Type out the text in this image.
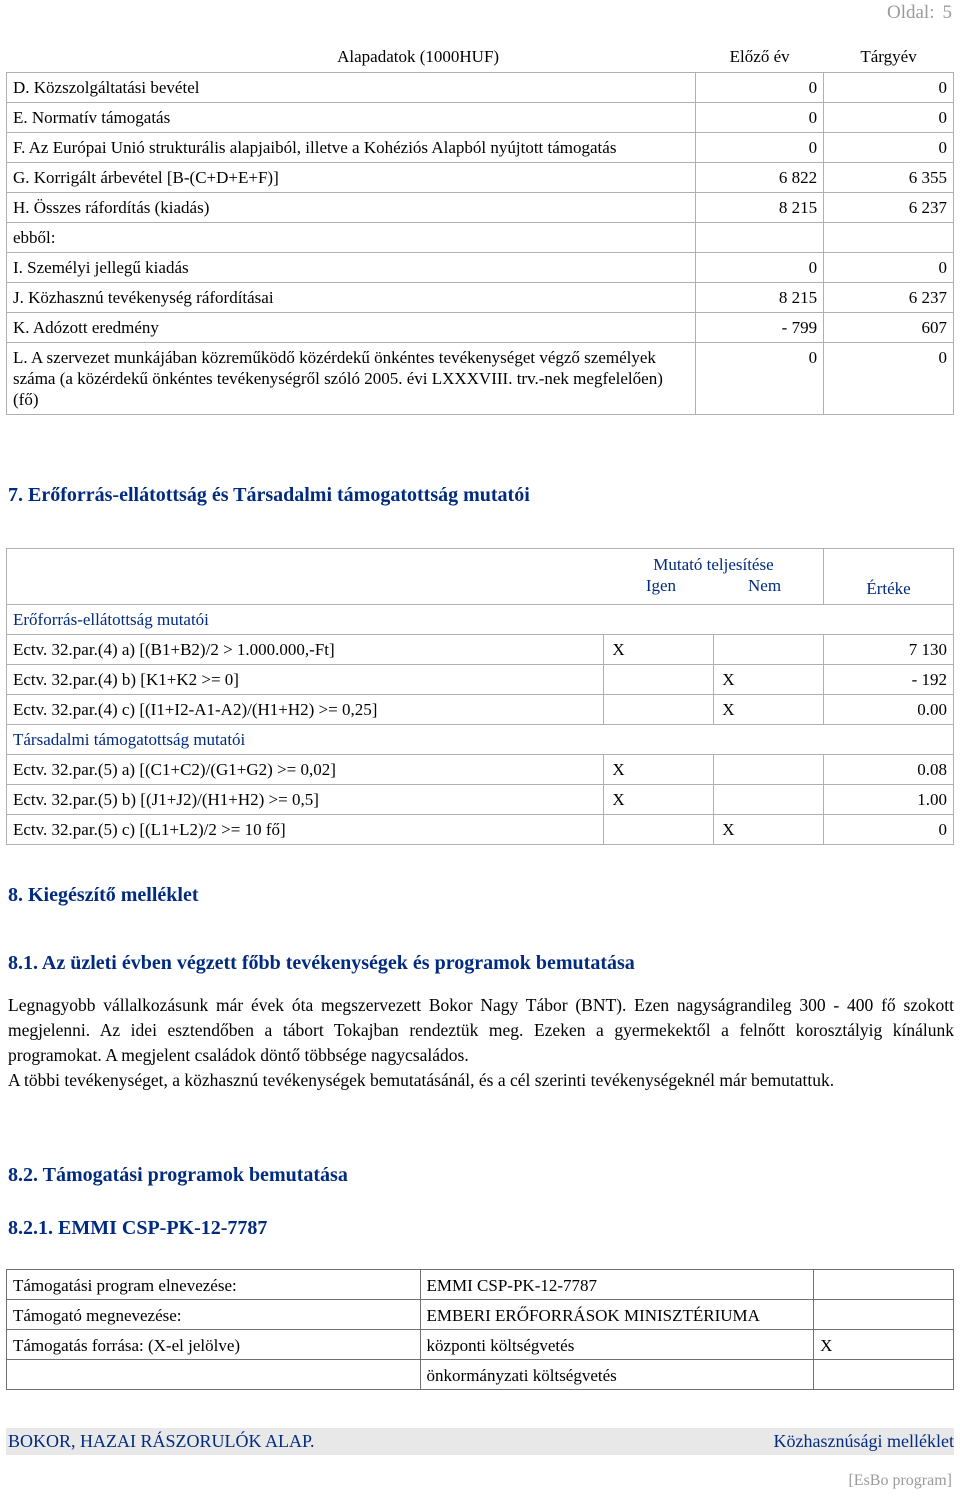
Oldal: 5
Alapadatok (1000HUF)	Előző év	Tárgyév
D. Közszolgáltatási bevétel	0	0
E. Normatív támogatás	0	0
F. Az Európai Unió strukturális alapjaiból, illetve a Kohéziós Alapból nyújtott támogatás	0	0
G. Korrigált árbevétel [B-(C+D+E+F)]	6 822	6 355
H. Összes ráfordítás (kiadás)	8 215	6 237
ebből:		
I. Személyi jellegű kiadás	0	0
J. Közhasznú tevékenység ráfordításai	8 215	6 237
K. Adózott eredmény	- 799	607
L. A szervezet munkájában közreműködő közérdekű önkéntes tevékenységet végző személyek száma (a közérdekű önkéntes tevékenységről szóló 2005. évi LXXXVIII. trv.-nek megfelelően) (fő)	0	0
7. Erőforrás-ellátottság és Társadalmi támogatottság mutatói

	Mutató teljesítése
Igen Nem		Értéke
Erőforrás-ellátottság mutatói			
Ectv. 32.par.(4) a) [(B1+B2)/2 > 1.000.000,-Ft]	X		7 130
Ectv. 32.par.(4) b) [K1+K2 >= 0]		X	- 192
Ectv. 32.par.(4) c) [(I1+I2-A1-A2)/(H1+H2) >= 0,25]		X	0.00
Társadalmi támogatottság mutatói			
Ectv. 32.par.(5) a) [(C1+C2)/(G1+G2) >= 0,02]	X		0.08
Ectv. 32.par.(5) b) [(J1+J2)/(H1+H2) >= 0,5]	X		1.00
Ectv. 32.par.(5) c) [(L1+L2)/2 >= 10 fő]		X	0
8. Kiegészítő melléklet
8.1. Az üzleti évben végzett főbb tevékenységek és programok bemutatása
Legnagyobb vállalkozásunk már évek óta megszervezett Bokor Nagy Tábor (BNT). Ezen nagyságrandileg 300 - 400 fő szokott megjelenni. Az idei esztendőben a tábort Tokajban rendeztük meg. Ezeken a gyermekektől a felnőtt korosztályig kínálunk programokat. A megjelent családok döntő többsége nagycsaládos.
A többi tevékenységet, a közhasznú tevékenységek bemutatásánál, és a cél szerinti tevékenységeknél már bemutattuk.
8.2. Támogatási programok bemutatása
8.2.1. EMMI CSP-PK-12-7787
Támogatási program elnevezése:	EMMI CSP-PK-12-7787	
Támogató megnevezése:	EMBERI ERŐFORRÁSOK MINISZTÉRIUMA	
Támogatás forrása: (X-el jelölve)	központi költségvetés	X
	önkormányzati költségvetés	
BOKOR, HAZAI RÁSZORULÓK ALAP.	Közhasznúsági melléklet
[EsBo program]
